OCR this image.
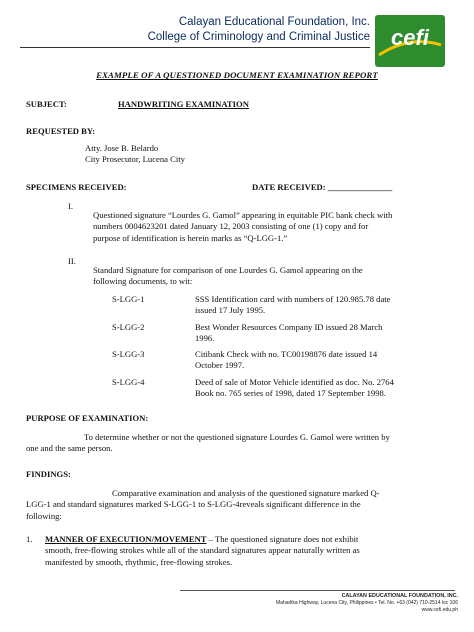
Calayan Educational Foundation, Inc.
College of Criminology and Criminal Justice cefi
EXAMPLE OF A QUESTIONED DOCUMENT EXAMINATION REPORT
SUBJECT:	HANDWRITING EXAMINATION
REQUESTED BY:
Atty. Jose B. Belardo
City Prosecutor, Lucena City
SPECIMENS RECEIVED:	DATE RECEIVED: _______________
I.
Questioned signature “Lourdes G. Gamol” appearing in equitable PIC bank check with
numbers 0004623201 dated January 12, 2003 consisting of one (1) copy and for
purpose of identification is herein marks as “Q-LGG-1.”
II.
Standard Signature for comparison of one Lourdes G. Gamol appearing on the
following documents, to wit:
S-LGG-1	SSS Identification card with numbers of 120.985.78 date
issued 17 July 1995.
S-LGG-2	Best Wonder Resources Company ID issued 28 March
1996.
S-LGG-3	Citibank Check with no. TC00198876 date issued 14
October 1997.
S-LGG-4	Deed of sale of Motor Vehicle identified as doc. No. 2764
Book no. 765 series of 1998, dated 17 September 1998.
PURPOSE OF EXAMINATION:
To determine whether or not the questioned signature Lourdes G. Gamol were written by
one and the same person.
FINDINGS:
Comparative examination and analysis of the questioned signature marked Q-
LGG-1 and standard signatures marked S-LGG-1 to S-LGG-4reveals significant difference in the
following:
1. MANNER OF EXECUTION/MOVEMENT – The questioned signature does not exhibit
smooth, free-flowing strokes while all of the standard signatures appear naturally written as
manifested by smooth, rhythmic, free-flowing strokes.
CALAYAN EDUCATIONAL FOUNDATION, INC.
Maharlika Highway, Lucena City, Philippines • Tel. No. +63 (042) 710-2514 loc 106
www.cefi.edu.ph
